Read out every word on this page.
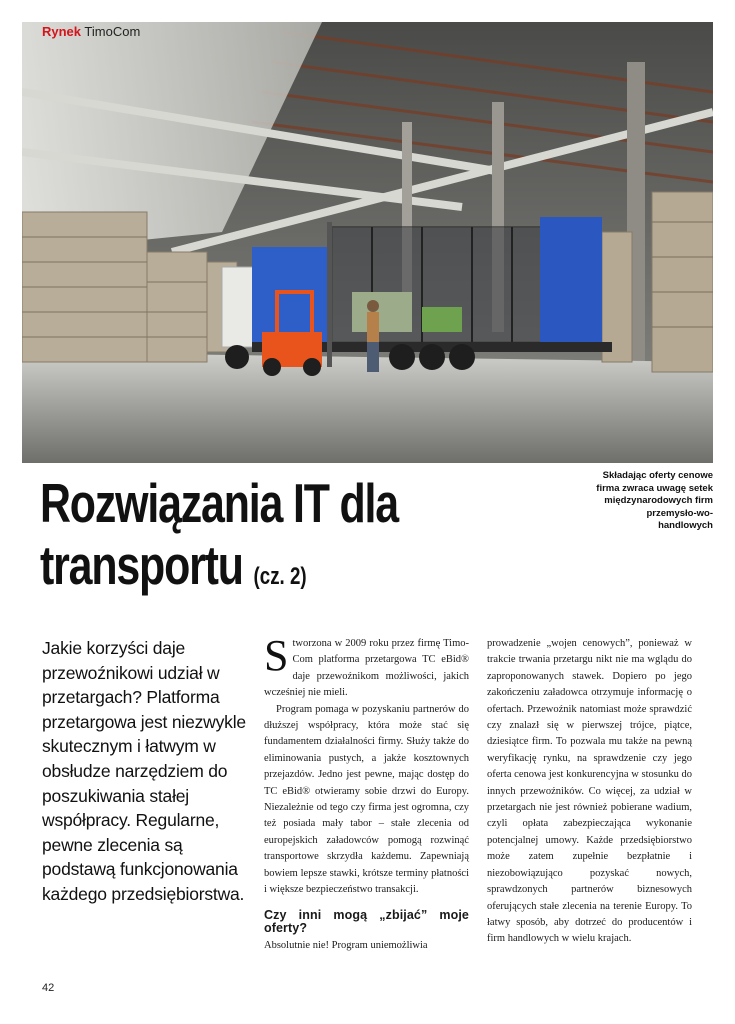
Rynek TimoCom
Składając oferty cenowe firma zwraca uwagę setek międzynarodowych firm przemysło-wo-handlowych
Rozwiązania IT dla
transportu (cz. 2)

Jakie korzyści daje przewoźnikowi udział w przetargach? Platforma przetargowa jest niezwykle skutecznym i łatwym w obsłudze narzędziem do poszukiwania stałej współpracy. Regularne, pewne zlecenia są podstawą funkcjonowania każdego przedsiębiorstwa.

S tworzona w 2009 roku przez firmę Timo-Com platforma przetargowa TC eBid® daje przewoźnikom możliwości, jakich wcześniej nie mieli.

Program pomaga w pozyskaniu partnerów do dłuższej współpracy, która może stać się fundamentem działalności firmy. Służy także do eliminowania pustych, a jakże kosztownych przejazdów. Jedno jest pewne, mając dostęp do TC eBid® otwieramy sobie drzwi do Europy. Niezależnie od tego czy firma jest ogromna, czy też posiada mały tabor – stałe zlecenia od europejskich załadowców pomogą rozwinąć transportowe skrzydła każdemu. Zapewniają bowiem lepsze stawki, krótsze terminy płatności i większe bezpieczeństwo transakcji.

Czy inni mogą „zbijać” moje oferty?

Absolutnie nie! Program uniemożliwia

prowadzenie „wojen cenowych”, ponieważ w trakcie trwania przetargu nikt nie ma wglądu do zaproponowanych stawek. Dopiero po jego zakończeniu załadowca otrzymuje informację o ofertach. Przewoźnik natomiast może sprawdzić czy znalazł się w pierwszej trójce, piątce, dziesiątce firm. To pozwala mu także na pewną weryfikację rynku, na sprawdzenie czy jego oferta cenowa jest konkurencyjna w stosunku do innych przewoźników. Co więcej, za udział w przetargach nie jest również pobierane wadium, czyli opłata zabezpieczająca wykonanie potencjalnej umowy. Każde przedsiębiorstwo może zatem zupełnie bezpłatnie i niezobowiązująco pozyskać nowych, sprawdzonych partnerów biznesowych oferujących stałe zlecenia na terenie Europy. To łatwy sposób, aby dotrzeć do producentów i firm handlowych w wielu krajach.

42
